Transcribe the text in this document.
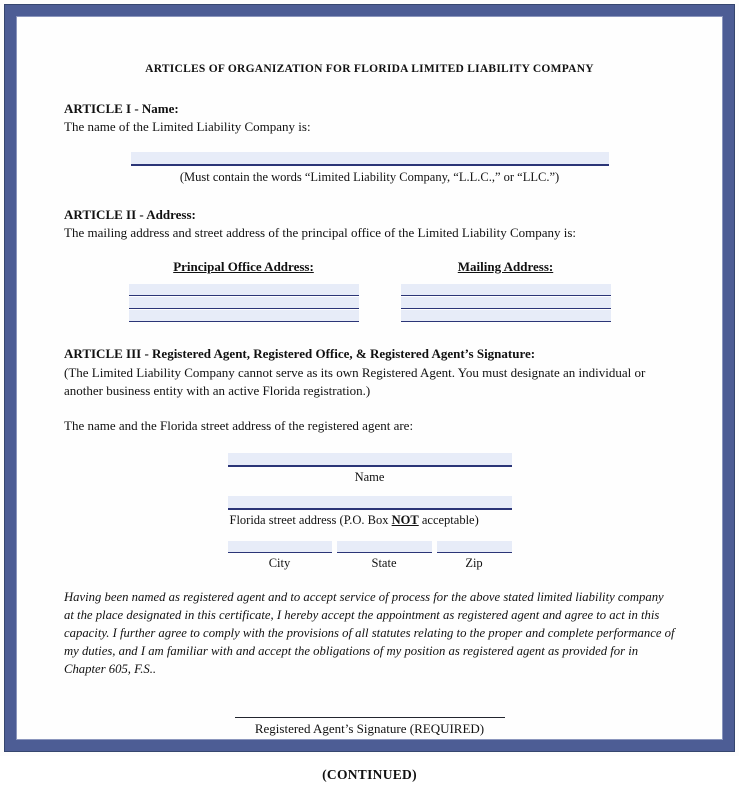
ARTICLES OF ORGANIZATION FOR FLORIDA LIMITED LIABILITY COMPANY
ARTICLE I - Name:
The name of the Limited Liability Company is:
(Must contain the words “Limited Liability Company, “L.L.C.,” or “LLC.”)
ARTICLE II - Address:
The mailing address and street address of the principal office of the Limited Liability Company is:
Principal Office Address:	Mailing Address:
ARTICLE III - Registered Agent, Registered Office, & Registered Agent’s Signature:
(The Limited Liability Company cannot serve as its own Registered Agent. You must designate an individual or another business entity with an active Florida registration.)
The name and the Florida street address of the registered agent are:
Name
Florida street address (P.O. Box NOT acceptable)
City	State	Zip

Having been named as registered agent and to accept service of process for the above stated limited liability company at the place designated in this certificate, I hereby accept the appointment as registered agent and agree to act in this capacity. I further agree to comply with the provisions of all statutes relating to the proper and complete performance of my duties, and I am familiar with and accept the obligations of my position as registered agent as provided for in Chapter 605, F.S..

Registered Agent’s Signature (REQUIRED)
(CONTINUED)
